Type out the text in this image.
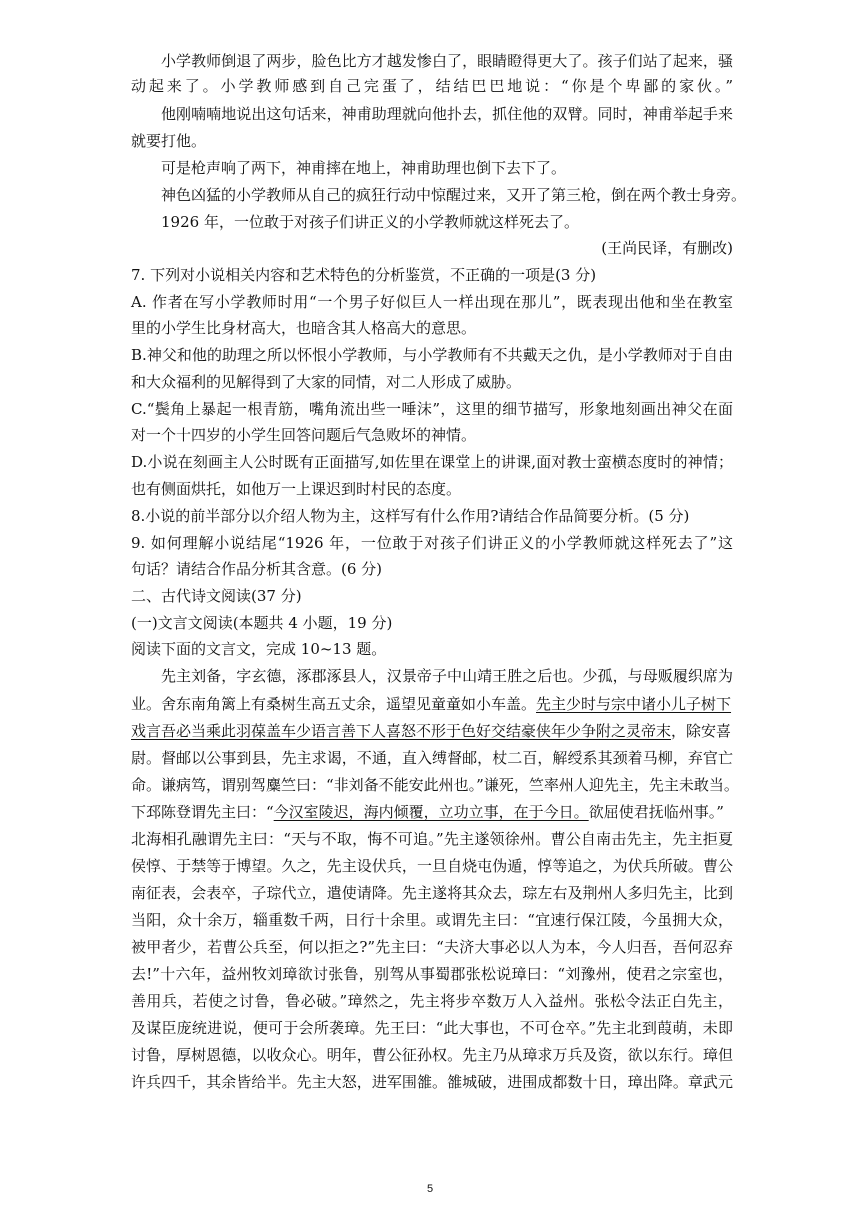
小学教师倒退了两步，脸色比方才越发惨白了，眼睛瞪得更大了。孩子们站了起来，骚
动起来了。小学教师感到自己完蛋了，结结巴巴地说：“你是个卑鄙的家伙。”
他刚喃喃地说出这句话来，神甫助理就向他扑去，抓住他的双臂。同时，神甫举起手来
就要打他。
可是枪声响了两下，神甫摔在地上，神甫助理也倒下去下了。
神色凶猛的小学教师从自己的疯狂行动中惊醒过来，又开了第三枪，倒在两个教士身旁。
1926 年，一位敢于对孩子们讲正义的小学教师就这样死去了。
(王尚民译，有删改)
7. 下列对小说相关内容和艺术特色的分析鉴赏，不正确的一项是(3 分)
A. 作者在写小学教师时用“一个男子好似巨人一样出现在那儿”，既表现出他和坐在教室
里的小学生比身材高大，也暗含其人格高大的意思。
B.神父和他的助理之所以怀恨小学教师，与小学教师有不共戴天之仇，是小学教师对于自由
和大众福利的见解得到了大家的同情，对二人形成了威胁。
C.“鬓角上暴起一根青筋，嘴角流出些一唾沫”，这里的细节描写，形象地刻画出神父在面
对一个十四岁的小学生回答问题后气急败坏的神情。
D.小说在刻画主人公时既有正面描写,如佐里在课堂上的讲课,面对教士蛮横态度时的神情；
也有侧面烘托，如他万一上课迟到时村民的态度。
8.小说的前半部分以介绍人物为主，这样写有什么作用?请结合作品简要分析。(5 分)
9. 如何理解小说结尾“1926 年，一位敢于对孩子们讲正义的小学教师就这样死去了”这
句话？请结合作品分析其含意。(6 分)
二、古代诗文阅读(37 分)
(一)文言文阅读(本题共 4 小题，19 分)
阅读下面的文言文，完成 10~13 题。
先主刘备，字玄德，涿郡涿县人，汉景帝子中山靖王胜之后也。少孤，与母贩履织席为
业。舍东南角篱上有桑树生高五丈余，遥望见童童如小车盖。先主少时与宗中诸小儿子树下
戏言吾必当乘此羽葆盖车少语言善下人喜怒不形于色好交结豪侠年少争附之灵帝末，除安喜
尉。督邮以公事到县，先主求谒，不通，直入缚督邮，杖二百，解绶系其颈着马柳，弃官亡
命。谦病笃，谓别驾麋竺曰：“非刘备不能安此州也。”谦死，竺率州人迎先主，先主未敢当。
下邳陈登谓先主曰：“今汉室陵迟，海内倾覆，立功立事，在于今日。欲屈使君抚临州事。”
北海相孔融谓先主曰：“天与不取，悔不可追。”先主遂领徐州。曹公自南击先主，先主拒夏
侯惇、于禁等于博望。久之，先主设伏兵，一旦自烧屯伪遁，惇等追之，为伏兵所破。曹公
南征表，会表卒，子琮代立，遣使请降。先主遂将其众去，琮左右及荆州人多归先主，比到
当阳，众十余万，辎重数千两，日行十余里。或谓先主曰：“宜速行保江陵，今虽拥大众，
被甲者少，若曹公兵至，何以拒之?”先主曰：“夫济大事必以人为本，今人归吾，吾何忍弃
去!”十六年，益州牧刘璋欲讨张鲁，别驾从事蜀郡张松说璋曰：“刘豫州，使君之宗室也，
善用兵，若使之讨鲁，鲁必破。”璋然之，先主将步卒数万人入益州。张松令法正白先主，
及谋臣庞统进说，便可于会所袭璋。先王曰：“此大事也，不可仓卒。”先主北到葭萌，未即
讨鲁，厚树恩德，以收众心。明年，曹公征孙权。先主乃从璋求万兵及资，欲以东行。璋但
许兵四千，其余皆给半。先主大怒，进军围雒。雒城破，进围成都数十日，璋出降。章武元
5
